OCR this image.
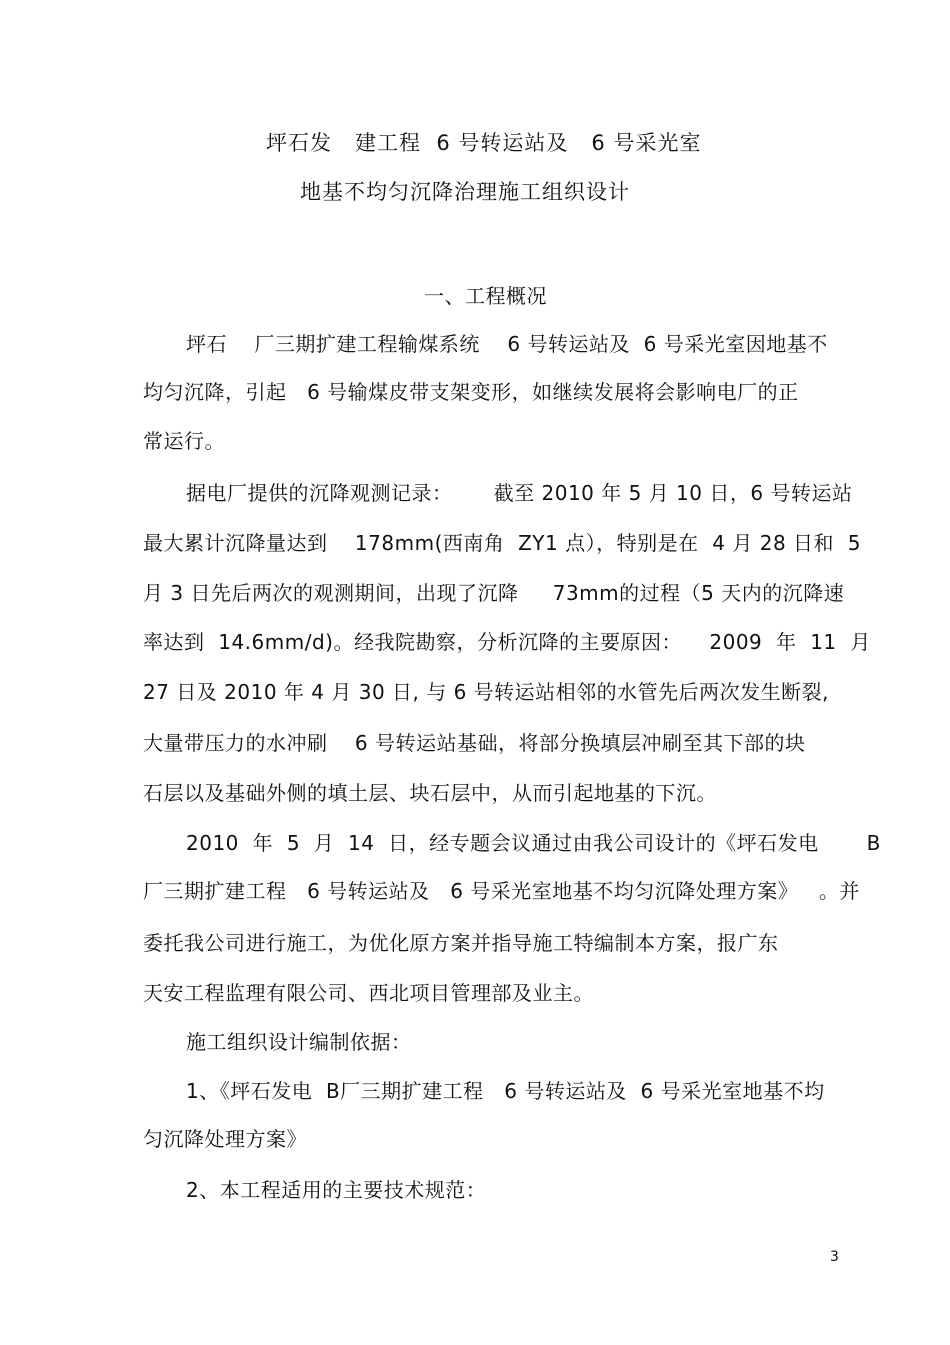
坪石发   建工程  6 号转运站及   6 号采光室
地基不均匀沉降治理施工组织设计
一、工程概况
坪石    厂三期扩建工程输煤系统    6 号转运站及  6 号采光室因地基不
均匀沉降，引起   6 号输煤皮带支架变形，如继续发展将会影响电厂的正
常运行。
据电厂提供的沉降观测记录：      截至 2010 年 5 月 10 日，6 号转运站
最大累计沉降量达到    178mm(西南角  ZY1 点），特别是在  4 月 28 日和  5
月 3 日先后两次的观测期间，出现了沉降     73mm的过程（5 天内的沉降速
率达到  14.6mm/d)。经我院勘察，分析沉降的主要原因：    2009  年  11  月
27 日及 2010 年 4 月 30 日, 与 6 号转运站相邻的水管先后两次发生断裂,
大量带压力的水冲刷    6 号转运站基础，将部分换填层冲刷至其下部的块
石层以及基础外侧的填土层、块石层中，从而引起地基的下沉。
2010  年  5  月  14  日，经专题会议通过由我公司设计的《坪石发电       B
厂三期扩建工程   6 号转运站及   6 号采光室地基不均匀沉降处理方案》   。并
委托我公司进行施工，为优化原方案并指导施工特编制本方案，报广东
天安工程监理有限公司、西北项目管理部及业主。
施工组织设计编制依据：
1、《坪石发电  B厂三期扩建工程   6 号转运站及  6 号采光室地基不均
匀沉降处理方案》
2、本工程适用的主要技术规范：
3
